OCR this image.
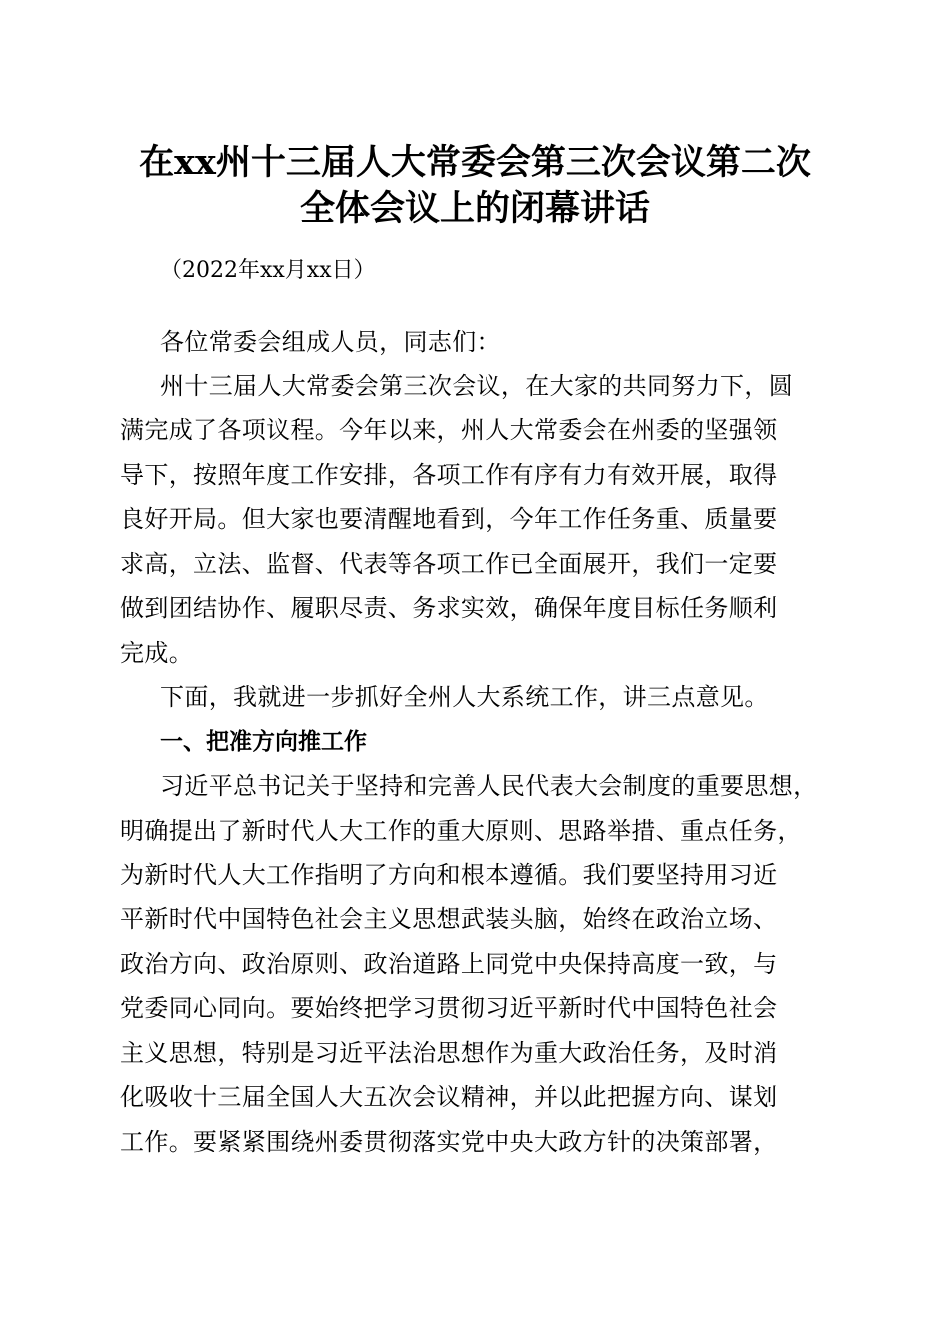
在xx州十三届人大常委会第三次会议第二次
全体会议上的闭幕讲话
（2022年xx月xx日）
各位常委会组成人员，同志们：
州十三届人大常委会第三次会议，在大家的共同努力下，圆
满完成了各项议程。今年以来，州人大常委会在州委的坚强领
导下，按照年度工作安排，各项工作有序有力有效开展，取得
良好开局。但大家也要清醒地看到，今年工作任务重、质量要
求高，立法、监督、代表等各项工作已全面展开，我们一定要
做到团结协作、履职尽责、务求实效，确保年度目标任务顺利
完成。
下面，我就进一步抓好全州人大系统工作，讲三点意见。
一、把准方向推工作
习近平总书记关于坚持和完善人民代表大会制度的重要思想，
明确提出了新时代人大工作的重大原则、思路举措、重点任务，
为新时代人大工作指明了方向和根本遵循。我们要坚持用习近
平新时代中国特色社会主义思想武装头脑，始终在政治立场、
政治方向、政治原则、政治道路上同党中央保持高度一致，与
党委同心同向。要始终把学习贯彻习近平新时代中国特色社会
主义思想，特别是习近平法治思想作为重大政治任务，及时消
化吸收十三届全国人大五次会议精神，并以此把握方向、谋划
工作。要紧紧围绕州委贯彻落实党中央大政方针的决策部署，
